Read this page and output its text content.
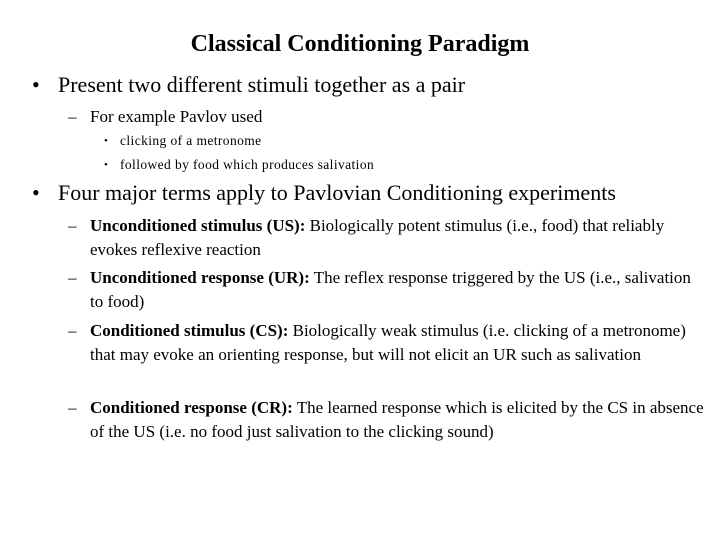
Classical Conditioning Paradigm
• Present two different stimuli together as a pair
– For example Pavlov used
• clicking of a metronome
• followed by food which produces salivation
• Four major terms apply to Pavlovian Conditioning experiments
– Unconditioned stimulus (US): Biologically potent stimulus (i.e., food) that reliably evokes reflexive reaction
– Unconditioned response (UR): The reflex response triggered by the US (i.e., salivation to food)
– Conditioned stimulus (CS): Biologically weak stimulus (i.e. clicking of a metronome) that may evoke an orienting response, but will not elicit an UR such as salivation
– Conditioned response (CR): The learned response which is elicited by the CS in absence of the US (i.e. no food just salivation to the clicking sound)
